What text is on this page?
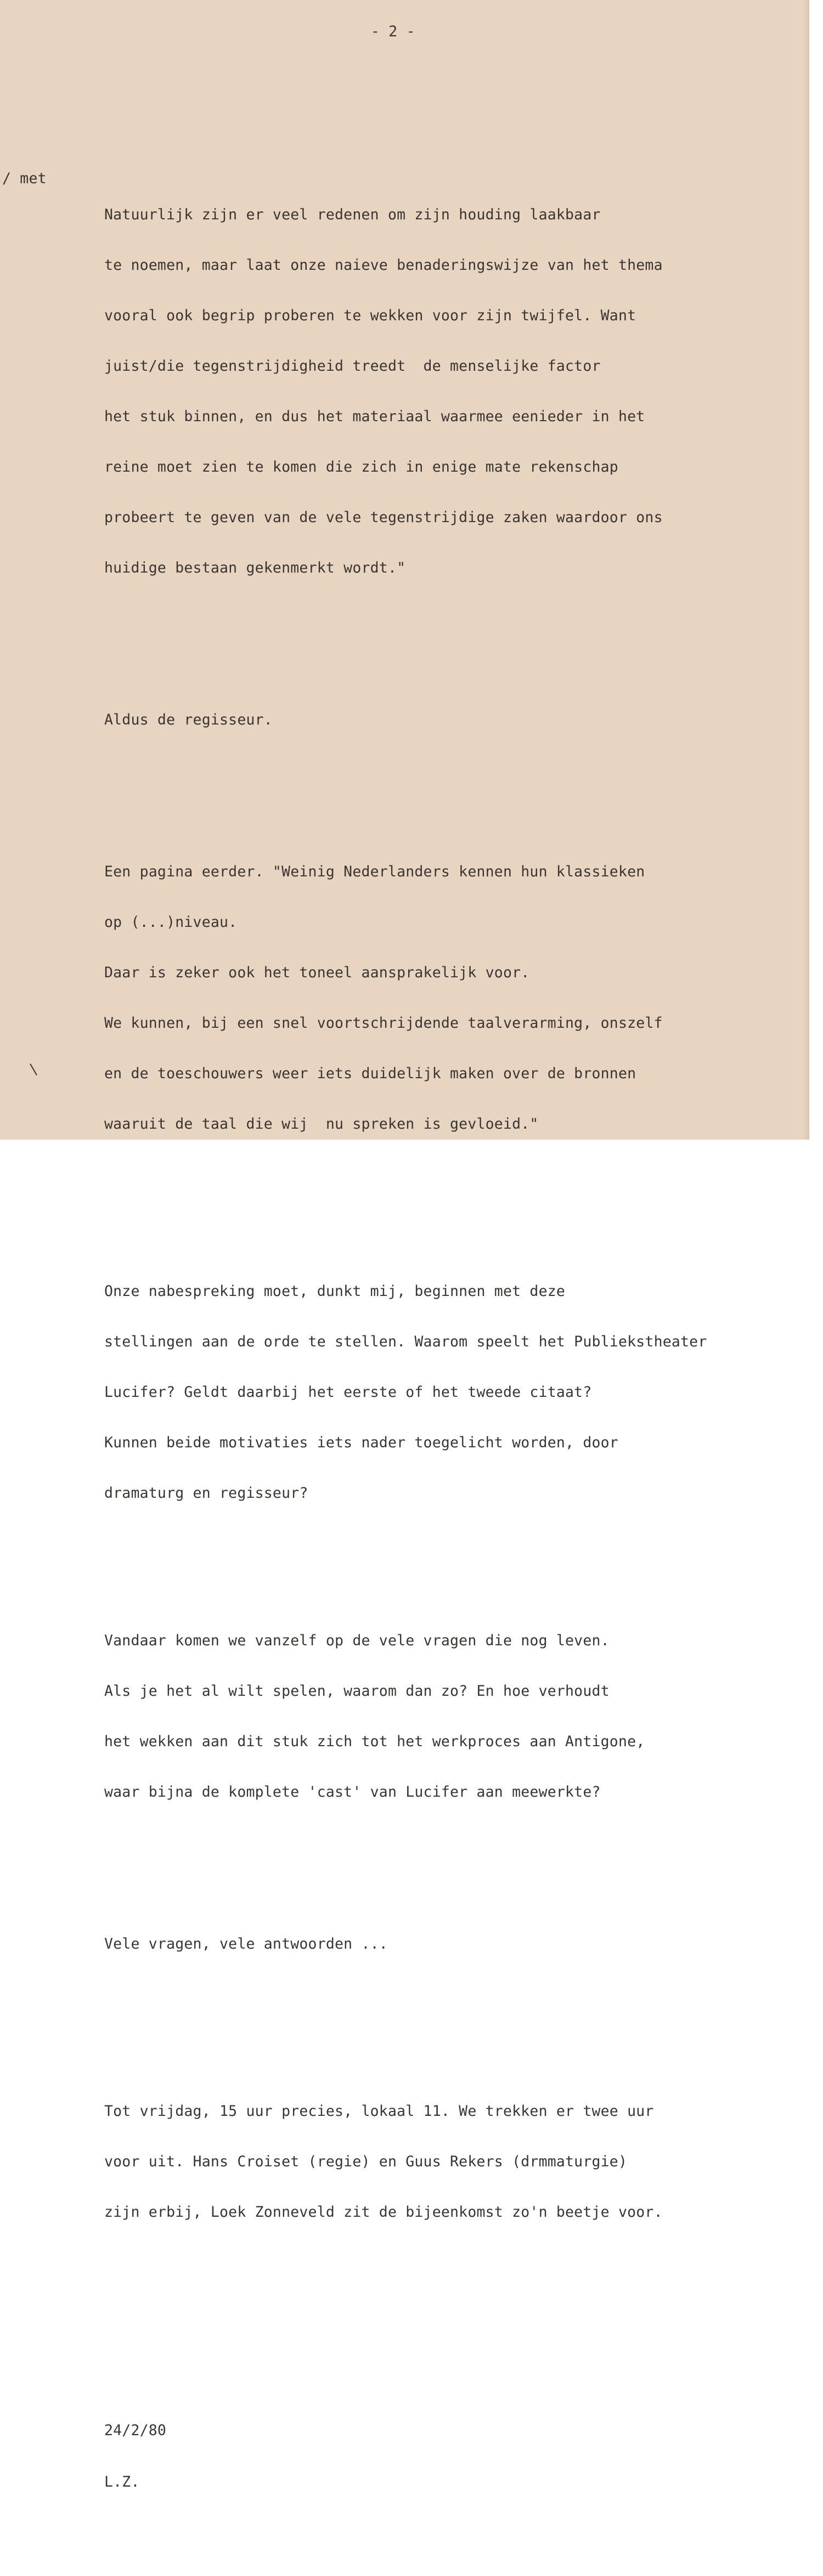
- 2 -
/ met

Natuurlijk zijn er veel redenen om zijn houding laakbaar

te noemen, maar laat onze naieve benaderingswijze van het thema

vooral ook begrip proberen te wekken voor zijn twijfel. Want

juist/die tegenstrijdigheid treedt  de menselijke factor

het stuk binnen, en dus het materiaal waarmee eenieder in het

reine moet zien te komen die zich in enige mate rekenschap

probeert te geven van de vele tegenstrijdige zaken waardoor ons

huidige bestaan gekenmerkt wordt."

Aldus de regisseur.

Een pagina eerder. "Weinig Nederlanders kennen hun klassieken

op (...)niveau.

Daar is zeker ook het toneel aansprakelijk voor.

We kunnen, bij een snel voortschrijdende taalverarming, onszelf

en de toeschouwers weer iets duidelijk maken over de bronnen

waaruit de taal die wij  nu spreken is gevloeid."

Onze nabespreking moet, dunkt mij, beginnen met deze

stellingen aan de orde te stellen. Waarom speelt het Publiekstheater

Lucifer? Geldt daarbij het eerste of het tweede citaat?

Kunnen beide motivaties iets nader toegelicht worden, door

dramaturg en regisseur?

Vandaar komen we vanzelf op de vele vragen die nog leven.

Als je het al wilt spelen, waarom dan zo? En hoe verhoudt

het wekken aan dit stuk zich tot het werkproces aan Antigone,

waar bijna de komplete 'cast' van Lucifer aan meewerkte?

Vele vragen, vele antwoorden ...

Tot vrijdag, 15 uur precies, lokaal 11. We trekken er twee uur

voor uit. Hans Croiset (regie) en Guus Rekers (drmmaturgie)

zijn erbij, Loek Zonneveld zit de bijeenkomst zo'n beetje voor.

24/2/80

L.Z.
